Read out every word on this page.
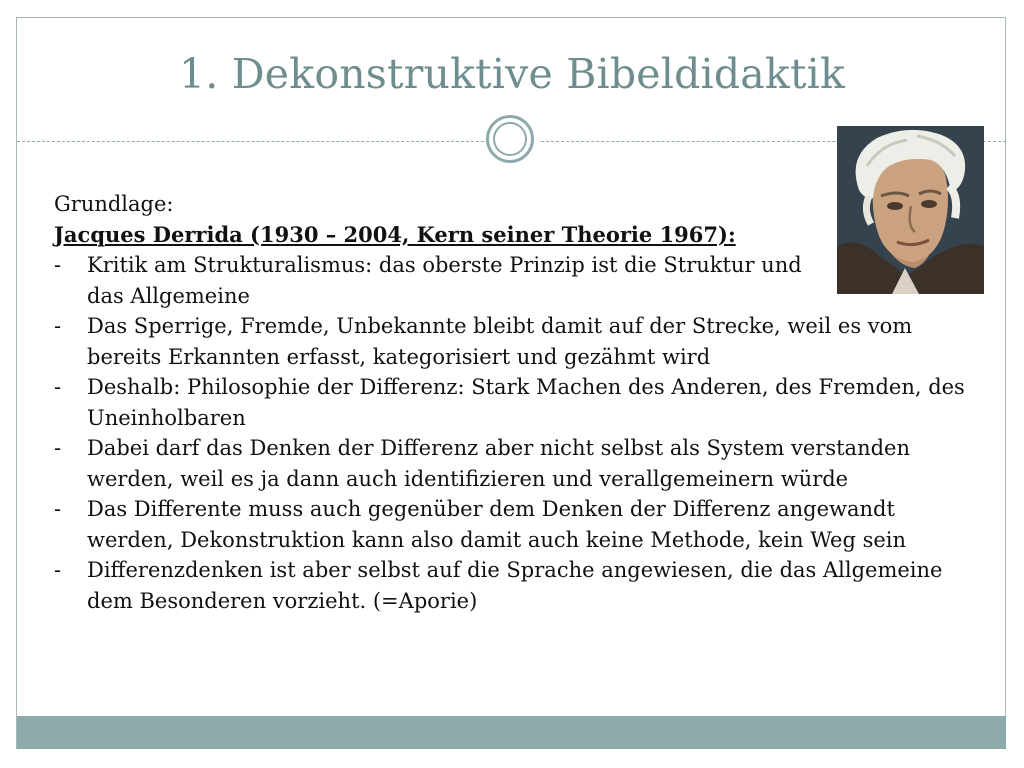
1. Dekonstruktive Bibeldidaktik
Grundlage:
Jacques Derrida (1930 – 2004, Kern seiner Theorie 1967):
-	Kritik am Strukturalismus: das oberste Prinzip ist die Struktur und das Allgemeine
-	Das Sperrige, Fremde, Unbekannte bleibt damit auf der Strecke, weil es vom bereits Erkannten erfasst, kategorisiert und gezähmt wird
-	Deshalb: Philosophie der Differenz: Stark Machen des Anderen, des Fremden, des Uneinholbaren
-	Dabei darf das Denken der Differenz aber nicht selbst als System verstanden werden, weil es ja dann auch identifizieren und verallgemeinern würde
-	Das Differente muss auch gegenüber dem Denken der Differenz angewandt werden, Dekonstruktion kann also damit auch keine Methode, kein Weg sein
-	Differenzdenken ist aber selbst auf die Sprache angewiesen, die das Allgemeine dem Besonderen vorzieht. (=Aporie)
